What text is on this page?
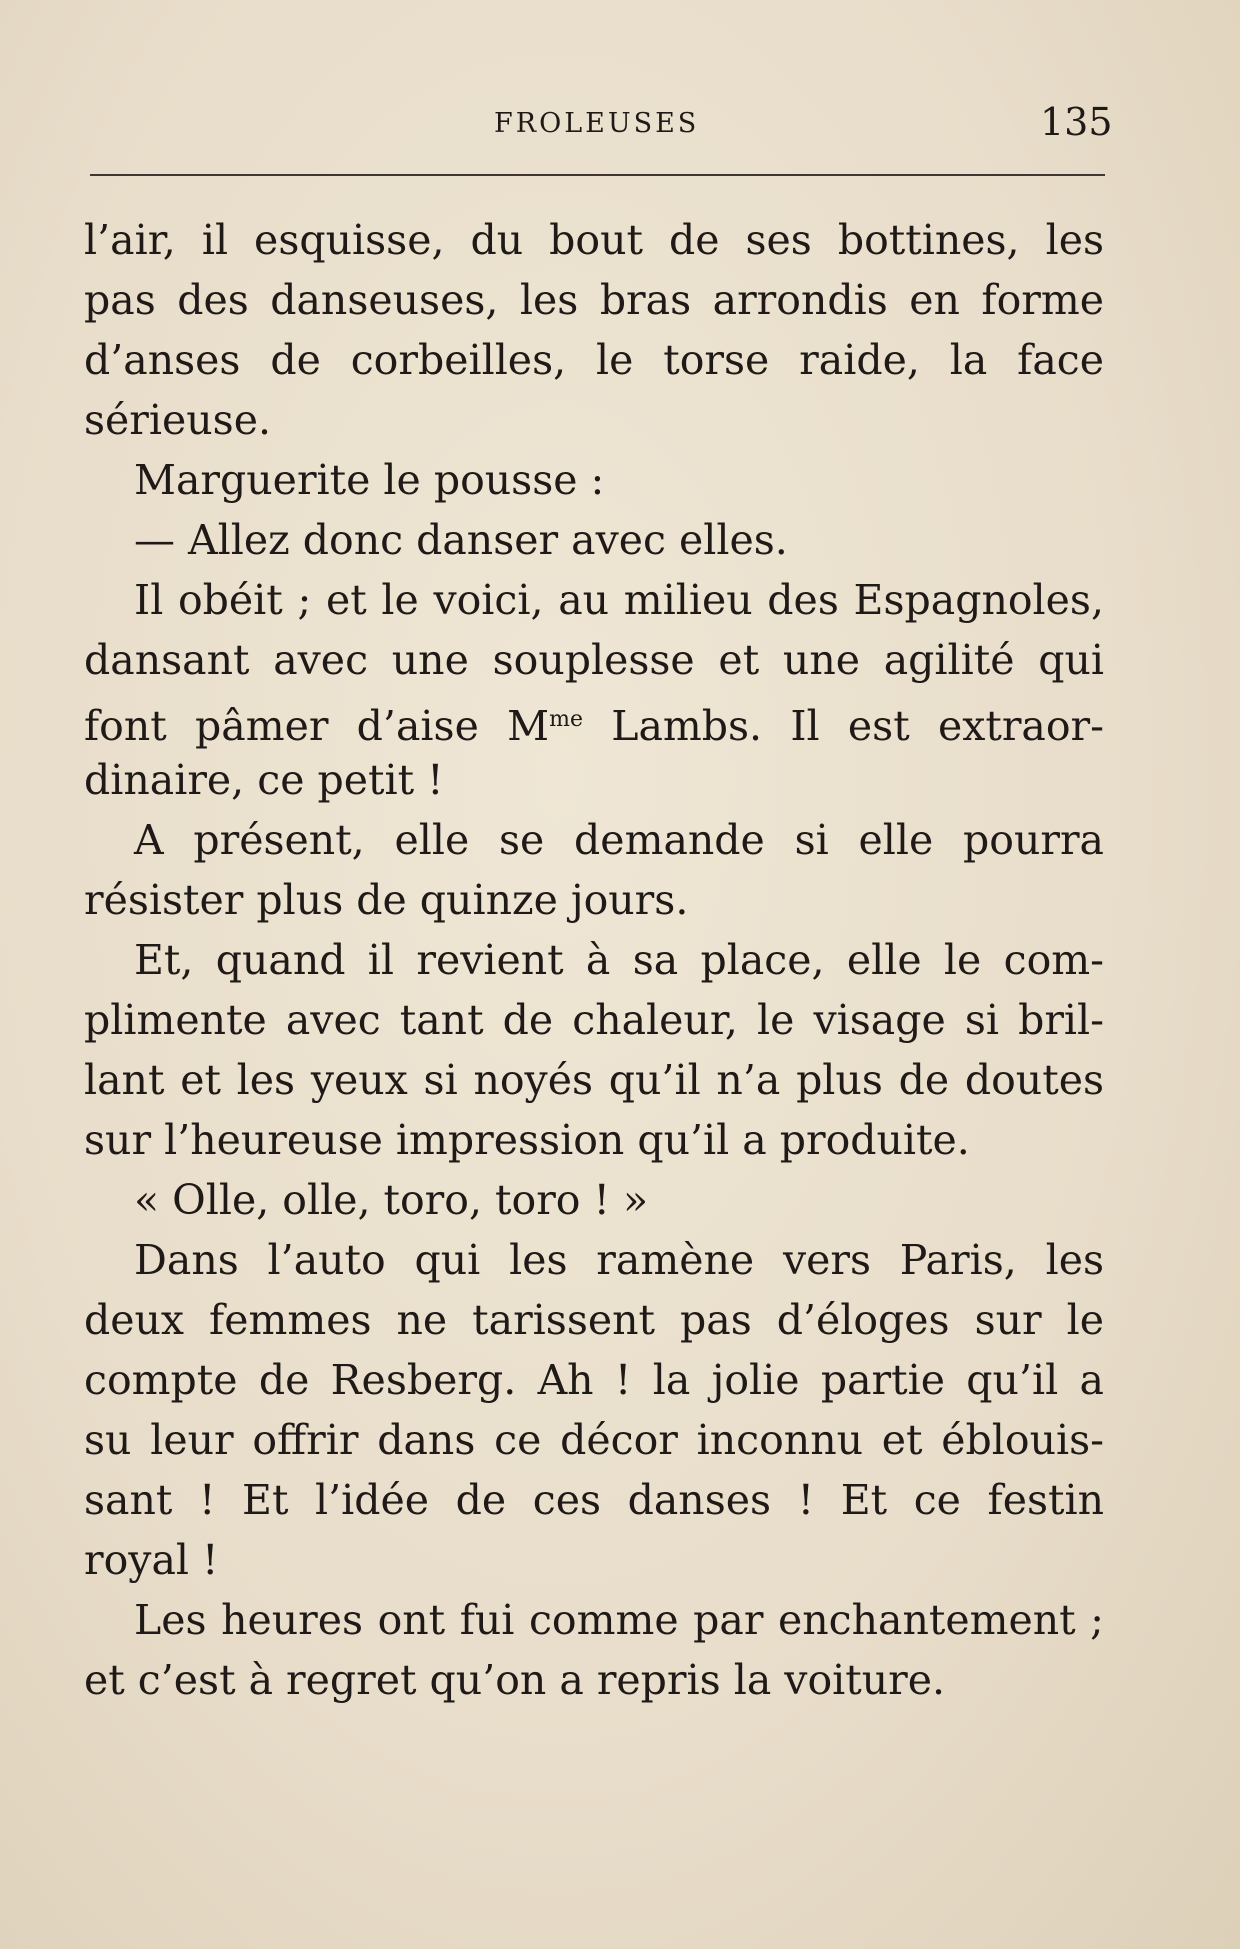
FROLEUSES	135
l’air, il esquisse, du bout de ses bottines, les
pas des danseuses, les bras arrondis en forme
d’anses de corbeilles, le torse raide, la face
sérieuse.
Marguerite le pousse :
— Allez donc danser avec elles.
Il obéit ; et le voici, au milieu des Espagnoles,
dansant avec une souplesse et une agilité qui
font pâmer d’aise $M^{me}$ Lambs. Il est extraor-
dinaire, ce petit !
A présent, elle se demande si elle pourra
résister plus de quinze jours.
Et, quand il revient à sa place, elle le com-
plimente avec tant de chaleur, le visage si bril-
lant et les yeux si noyés qu’il n’a plus de doutes
sur l’heureuse impression qu’il a produite.
« Olle, olle, toro, toro ! »
Dans l’auto qui les ramène vers Paris, les
deux femmes ne tarissent pas d’éloges sur le
compte de Resberg. Ah ! la jolie partie qu’il a
su leur offrir dans ce décor inconnu et éblouis-
sant ! Et l’idée de ces danses ! Et ce festin
royal !
Les heures ont fui comme par enchantement ;
et c’est à regret qu’on a repris la voiture.
